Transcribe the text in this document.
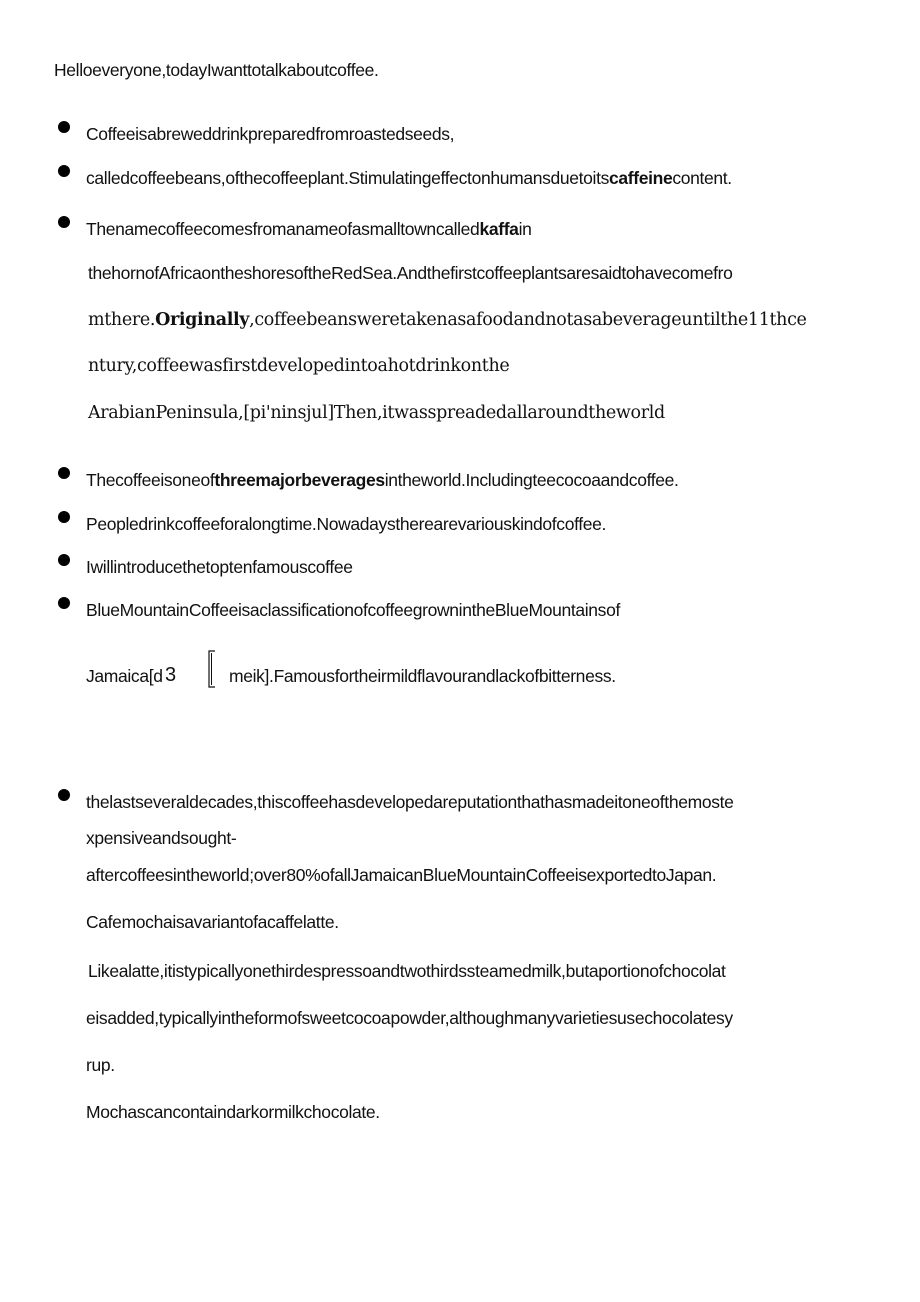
Helloeveryone,todayIwanttotalkaboutcoffee.
Coffeeisabreweddrinkpreparedfromroastedseeds,
calledcoffeebeans,ofthecoffeeplant.Stimulatingeffectonhumansduetoitscaffeinecontent.
Thenamecoffeecomesfromanameofasmalltowncalledkaffain
thehornofAfricaontheshoresoftheRedSea.Andthefirstcoffeeplantsaresaidtohavecomefro
mthere.Originally,coffeebeansweretakenasafoodandnotasabeverageuntilthe11thce
ntury,coffeewasfirstdevelopedintoahotdrinkonthe
ArabianPeninsula,[pi'ninsjul]Then,itwasspreadedallaroundtheworld
Thecoffeeisoneofthreemajorbeveragesintheworld.Includingteecocoaandcoffee.
Peopledrinkcoffeeforalongtime.Nowadaystherearevariouskindofcoffee.
Iwillintroducethetoptenfamouscoffee
BlueMountainCoffeeisaclassificationofcoffeegrownintheBlueMountainsof
Jamaica[d 3	meik].Famousfortheirmildflavourandlackofbitterness.
thelastseveraldecades,thiscoffeehasdevelopedareputationthathasmadeitoneofthemoste
xpensiveandsought-
aftercoffeesintheworld;over80%ofallJamaicanBlueMountainCoffeeisexportedtoJapan.
Cafemochaisavariantofacaffelatte.
Likealatte,itistypicallyonethirdespressoandtwothirdssteamedmilk,butaportionofchocolat
eisadded,typicallyintheformofsweetcocoapowder,althoughmanyvarietiesusechocolatesy
rup.
Mochascancontaindarkormilkchocolate.
